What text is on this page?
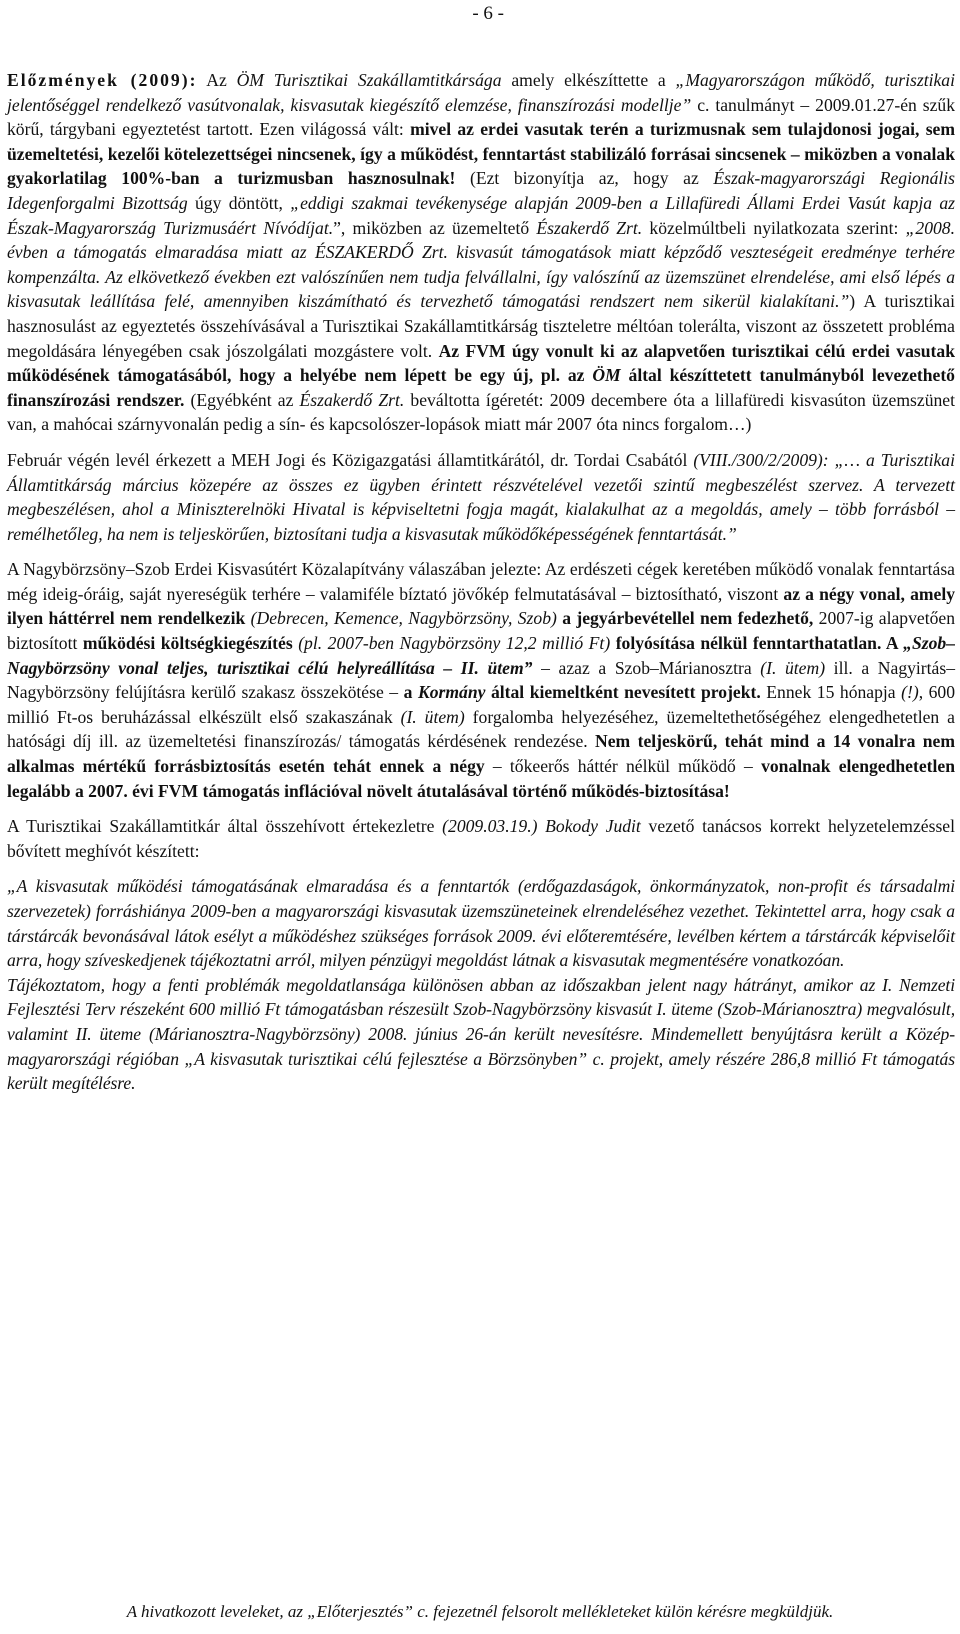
- 6 -

Előzmények (2009): Az ÖM Turisztikai Szakállamtitkársága amely elkészíttette a „Magyarországon működő, turisztikai jelentőséggel rendelkező vasútvonalak, kisvasutak kiegészítő elemzése, finanszírozási modellje” c. tanulmányt – 2009.01.27-én szűk körű, tárgybani egyeztetést tartott. Ezen világossá vált: mivel az erdei vasutak terén a turizmusnak sem tulajdonosi jogai, sem üzemeltetési, kezelői kötelezettségei nincsenek, így a működést, fenntartást stabilizáló forrásai sincsenek – miközben a vonalak gyakorlatilag 100%-ban a turizmusban hasznosulnak! (Ezt bizonyítja az, hogy az Észak-magyarországi Regionális Idegenforgalmi Bizottság úgy döntött, „eddigi szakmai tevékenysége alapján 2009-ben a Lillafüredi Állami Erdei Vasút kapja az Észak-Magyarország Turizmusáért Nívódíjat.”, miközben az üzemeltető Északerdő Zrt. közelmúltbeli nyilatkozata szerint: „2008. évben a támogatás elmaradása miatt az ÉSZAKERDŐ Zrt. kisvasút támogatások miatt képződő veszteségeit eredménye terhére kompenzálta. Az elkövetkező években ezt valószínűen nem tudja felvállalni, így valószínű az üzemszünet elrendelése, ami első lépés a kisvasutak leállítása felé, amennyiben kiszámítható és tervezhető támogatási rendszert nem sikerül kialakítani.”) A turisztikai hasznosulást az egyeztetés összehívásával a Turisztikai Szakállamtitkárság tiszteletre méltóan tolerálta, viszont az összetett probléma megoldására lényegében csak jószolgálati mozgástere volt. Az FVM úgy vonult ki az alapvetően turisztikai célú erdei vasutak működésének támogatásából, hogy a helyébe nem lépett be egy új, pl. az ÖM által készíttetett tanulmányból levezethető finanszírozási rendszer. (Egyébként az Északerdő Zrt. beváltotta ígéretét: 2009 decembere óta a lillafüredi kisvasúton üzemszünet van, a mahócai szárnyvonalán pedig a sín- és kapcsolószer-lopások miatt már 2007 óta nincs forgalom…)

Február végén levél érkezett a MEH Jogi és Közigazgatási államtitkárától, dr. Tordai Csabától (VIII./300/2/2009): „… a Turisztikai Államtitkárság március közepére az összes ez ügyben érintett részvételével vezetői szintű megbeszélést szervez. A tervezett megbeszélésen, ahol a Miniszterelnöki Hivatal is képviseltetni fogja magát, kialakulhat az a megoldás, amely – több forrásból – remélhetőleg, ha nem is teljeskörűen, biztosítani tudja a kisvasutak működőképességének fenntartását.”

A Nagybörzsöny–Szob Erdei Kisvasútért Közalapítvány válaszában jelezte: Az erdészeti cégek keretében működő vonalak fenntartása még ideig-óráig, saját nyereségük terhére – valamiféle bíztató jövőkép felmutatásával – biztosítható, viszont az a négy vonal, amely ilyen háttérrel nem rendelkezik (Debrecen, Kemence, Nagybörzsöny, Szob) a jegyárbevétellel nem fedezhető, 2007-ig alapvetően biztosított működési költségkiegészítés (pl. 2007-ben Nagybörzsöny 12,2 millió Ft) folyósítása nélkül fenntarthatatlan. A „Szob–Nagybörzsöny vonal teljes, turisztikai célú helyreállítása – II. ütem” – azaz a Szob–Márianosztra (I. ütem) ill. a Nagyirtás–Nagybörzsöny felújításra kerülő szakasz összekötése – a Kormány által kiemeltként nevesített projekt. Ennek 15 hónapja (!), 600 millió Ft-os beruházással elkészült első szakaszának (I. ütem) forgalomba helyezéséhez, üzemeltethetőségéhez elengedhetetlen a hatósági díj ill. az üzemeltetési finanszírozás/ támogatás kérdésének rendezése. Nem teljeskörű, tehát mind a 14 vonalra nem alkalmas mértékű forrásbiztosítás esetén tehát ennek a négy – tőkeerős háttér nélkül működő – vonalnak elengedhetetlen legalább a 2007. évi FVM támogatás inflációval növelt átutalásával történő működés-biztosítása!

A Turisztikai Szakállamtitkár által összehívott értekezletre (2009.03.19.) Bokody Judit vezető tanácsos korrekt helyzetelemzéssel bővített meghívót készített:

„A kisvasutak működési támogatásának elmaradása és a fenntartók (erdőgazdaságok, önkormányzatok, non-profit és társadalmi szervezetek) forráshiánya 2009-ben a magyarországi kisvasutak üzemszüneteinek elrendeléséhez vezethet. Tekintettel arra, hogy csak a társtárcák bevonásával látok esélyt a működéshez szükséges források 2009. évi előteremtésére, levélben kértem a társtárcák képviselőit arra, hogy szíveskedjenek tájékoztatni arról, milyen pénzügyi megoldást látnak a kisvasutak megmentésére vonatkozóan.

Tájékoztatom, hogy a fenti problémák megoldatlansága különösen abban az időszakban jelent nagy hátrányt, amikor az I. Nemzeti Fejlesztési Terv részeként 600 millió Ft támogatásban részesült Szob-Nagybörzsöny kisvasút I. üteme (Szob-Márianosztra) megvalósult, valamint II. üteme (Márianosztra-Nagybörzsöny) 2008. június 26-án került nevesítésre. Mindemellett benyújtásra került a Közép-magyarországi régióban „A kisvasutak turisztikai célú fejlesztése a Börzsönyben” c. projekt, amely részére 286,8 millió Ft támogatás került megítélésre.

A hivatkozott leveleket, az „Előterjesztés” c. fejezetnél felsorolt mellékleteket külön kérésre megküldjük.
